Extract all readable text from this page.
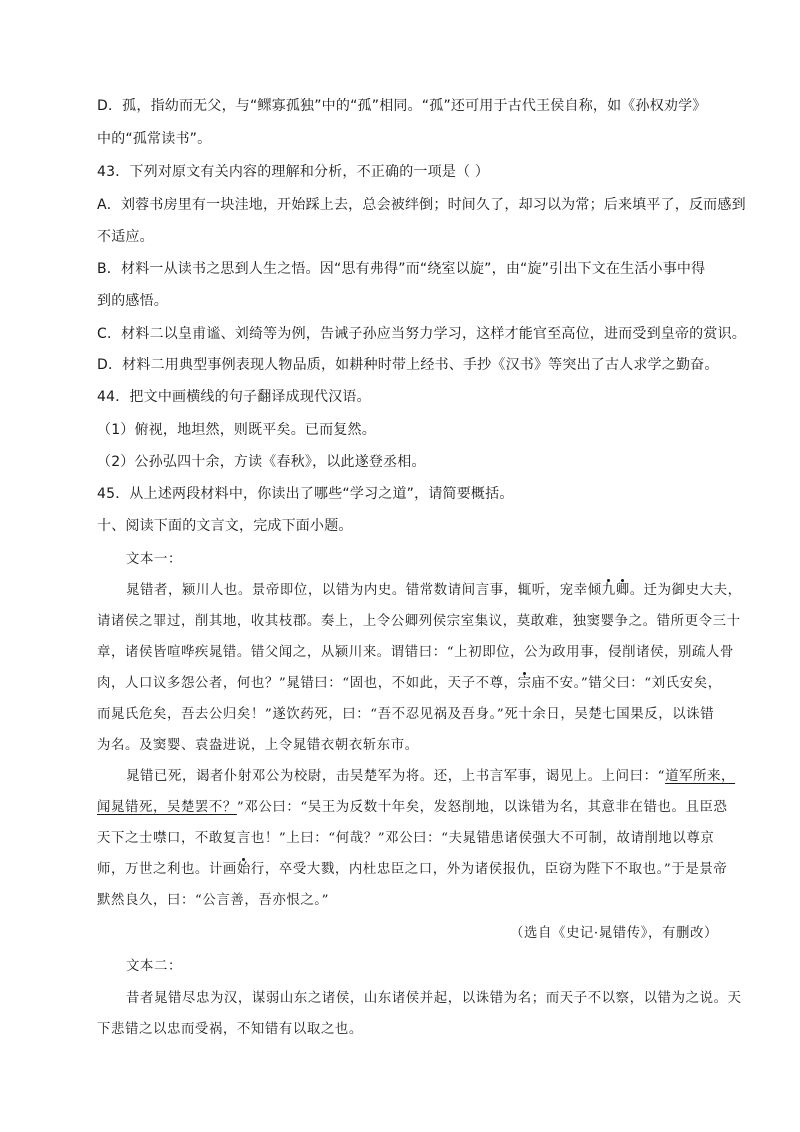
D．孤，指幼而无父，与“鳏寡孤独”中的“孤”相同。“孤”还可用于古代王侯自称，如《孙权劝学》
中的“孤常读书”。
43．下列对原文有关内容的理解和分析，不正确的一项是（ ）
A．刘蓉书房里有一块洼地，开始踩上去，总会被绊倒；时间久了，却习以为常；后来填平了，反而感到
不适应。
B．材料一从读书之思到人生之悟。因“思有弗得”而“绕室以旋”，由“旋”引出下文在生活小事中得
到的感悟。
C．材料二以皇甫谧、刘绮等为例，告诫子孙应当努力学习，这样才能官至高位，进而受到皇帝的赏识。
D．材料二用典型事例表现人物品质，如耕种时带上经书、手抄《汉书》等突出了古人求学之勤奋。
44．把文中画横线的句子翻译成现代汉语。
（1）俯视，地坦然，则既平矣。已而复然。
（2）公孙弘四十余，方读《春秋》，以此遂登丞相。
45．从上述两段材料中，你读出了哪些“学习之道”，请简要概括。
十、阅读下面的文言文，完成下面小题。
文本一：
晁错者，颍川人也。景帝即位，以错为内史。错常数请间言事，辄听，宠幸倾九卿。迁为御史大夫，
请诸侯之罪过，削其地，收其枝郡。奏上，上令公卿列侯宗室集议，莫敢难，独窦婴争之。错所更令三十
章，诸侯皆喧哗疾晁错。错父闻之，从颍川来。谓错曰：“上初即位，公为政用事，侵削诸侯，别疏人骨
肉，人口议多怨公者，何也？”晁错曰：“固也，不如此，天子不尊，宗庙不安。”错父曰：“刘氏安矣，
而晁氏危矣，吾去公归矣！”遂饮药死，曰：“吾不忍见祸及吾身。”死十余日，吴楚七国果反，以诛错
为名。及窦婴、袁盎进说，上令晁错衣朝衣斩东市。
晁错已死，谒者仆射邓公为校尉，击吴楚军为将。还，上书言军事，谒见上。上问曰：“道军所来，
闻晁错死，吴楚罢不？”邓公曰：“吴王为反数十年矣，发怒削地，以诛错为名，其意非在错也。且臣恐
天下之士噤口，不敢复言也！”上曰：“何哉？”邓公曰：“夫晁错患诸侯强大不可制，故请削地以尊京
师，万世之利也。计画始行，卒受大戮，内杜忠臣之口，外为诸侯报仇，臣窃为陛下不取也。”于是景帝
默然良久，曰：“公言善，吾亦恨之。”
（选自《史记·晁错传》，有删改）
文本二：
昔者晁错尽忠为汉，谋弱山东之诸侯，山东诸侯并起，以诛错为名；而天子不以察，以错为之说。天
下悲错之以忠而受祸，不知错有以取之也。
